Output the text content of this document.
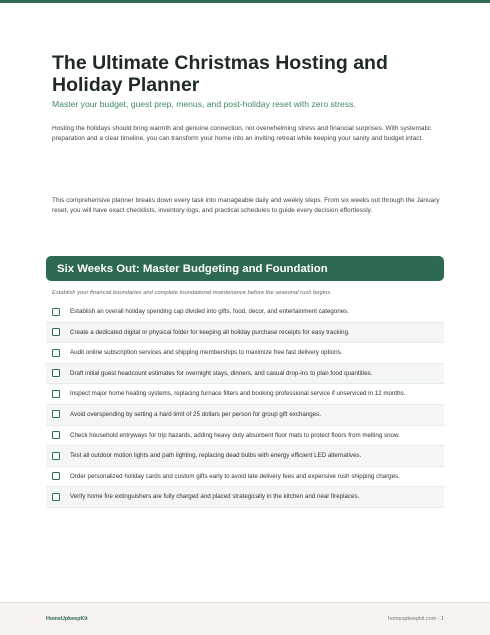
The Ultimate Christmas Hosting and Holiday Planner

Master your budget, guest prep, menus, and post-holiday reset with zero stress.

Hosting the holidays should bring warmth and genuine connection, not overwhelming stress and financial surprises. With systematic preparation and a clear timeline, you can transform your home into an inviting retreat while keeping your sanity and budget intact.

This comprehensive planner breaks down every task into manageable daily and weekly steps. From six weeks out through the January reset, you will have exact checklists, inventory logs, and practical schedules to guide every decision effortlessly.

Six Weeks Out: Master Budgeting and Foundation

Establish your financial boundaries and complete foundational maintenance before the seasonal rush begins.

Establish an overall holiday spending cap divided into gifts, food, decor, and entertainment categories.
Create a dedicated digital or physical folder for keeping all holiday purchase receipts for easy tracking.
Audit online subscription services and shipping memberships to maximize free fast delivery options.
Draft initial guest headcount estimates for overnight stays, dinners, and casual drop-ins to plan food quantities.
Inspect major home heating systems, replacing furnace filters and booking professional service if unserviced in 12 months.
Avoid overspending by setting a hard limit of 25 dollars per person for group gift exchanges.
Check household entryways for trip hazards, adding heavy duty absorbent floor mats to protect floors from melting snow.
Test all outdoor motion lights and path lighting, replacing dead bulbs with energy efficient LED alternatives.
Order personalized holiday cards and custom gifts early to avoid late delivery fees and expensive rush shipping charges.
Verify home fire extinguishers are fully charged and placed strategically in the kitchen and near fireplaces.
HomeUpkeepKit	homeupkeepkit.com · 1
